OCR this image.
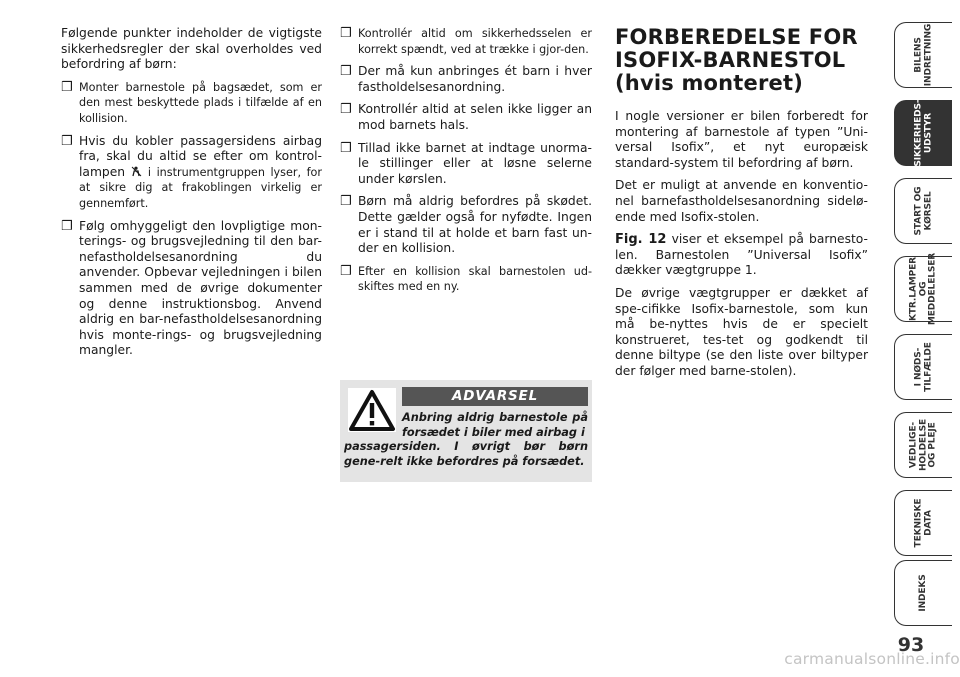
Følgende punkter indeholder de vigtigste sikkerhedsregler der skal overholdes ved befordring af børn:

❒ Monter barnestole på bagsædet, som er den mest beskyttede plads i tilfælde af en kollision.

❒ Hvis du kobler passagersidens airbag fra, skal du altid se efter om kontrol-lampen i instrumentgruppen lyser, for at sikre dig at frakoblingen virkelig er gennemført.

❒ Følg omhyggeligt den lovpligtige mon-terings- og brugsvejledning til den bar-nefastholdelsesanordning du anvender. Opbevar vejledningen i bilen sammen med de øvrige dokumenter og denne instruktionsbog. Anvend aldrig en bar-nefastholdelsesanordning hvis monte-rings- og brugsvejledning mangler.

❒ Kontrollér altid om sikkerhedsselen er korrekt spændt, ved at trække i gjor-den.

❒ Der må kun anbringes ét barn i hver fastholdelsesanordning.

❒ Kontrollér altid at selen ikke ligger an mod barnets hals.

❒ Tillad ikke barnet at indtage unorma-le stillinger eller at løsne selerne under kørslen.

❒ Børn må aldrig befordres på skødet. Dette gælder også for nyfødte. Ingen er i stand til at holde et barn fast un-der en kollision.

❒ Efter en kollision skal barnestolen ud-skiftes med en ny.

ADVARSEL
Anbring aldrig barnestole på forsædet i biler med airbag i
passagersiden. I øvrigt bør børn gene-relt ikke befordres på forsædet.
FORBEREDELSE FOR ISOFIX-BARNESTOL (hvis monteret)

I nogle versioner er bilen forberedt for montering af barnestole af typen ”Uni-versal Isofix”, et nyt europæisk standard-system til befordring af børn.

Det er muligt at anvende en konventio-nel barnefastholdelsesanordning sidelø-ende med Isofix-stolen.

Fig. 12 viser et eksempel på barnesto-len. Barnestolen ”Universal Isofix” dækker vægtgruppe 1.

De øvrige vægtgrupper er dækket af spe-cifikke Isofix-barnestole, som kun må be-nyttes hvis de er specielt konstrueret, tes-tet og godkendt til denne biltype (se den liste over biltyper der følger med barne-stolen).

BILENS
INDRETNING
SIKKERHEDS-
UDSTYR
START OG
KØRSEL
KTR.LAMPER
OG
MEDDELELSER
I NØDS-
TILFÆLDE
VEDLIGE-
HOLDELSE
OG PLEJE
TEKNISKE
DATA
INDEKS
93
carmanualsonline.info
